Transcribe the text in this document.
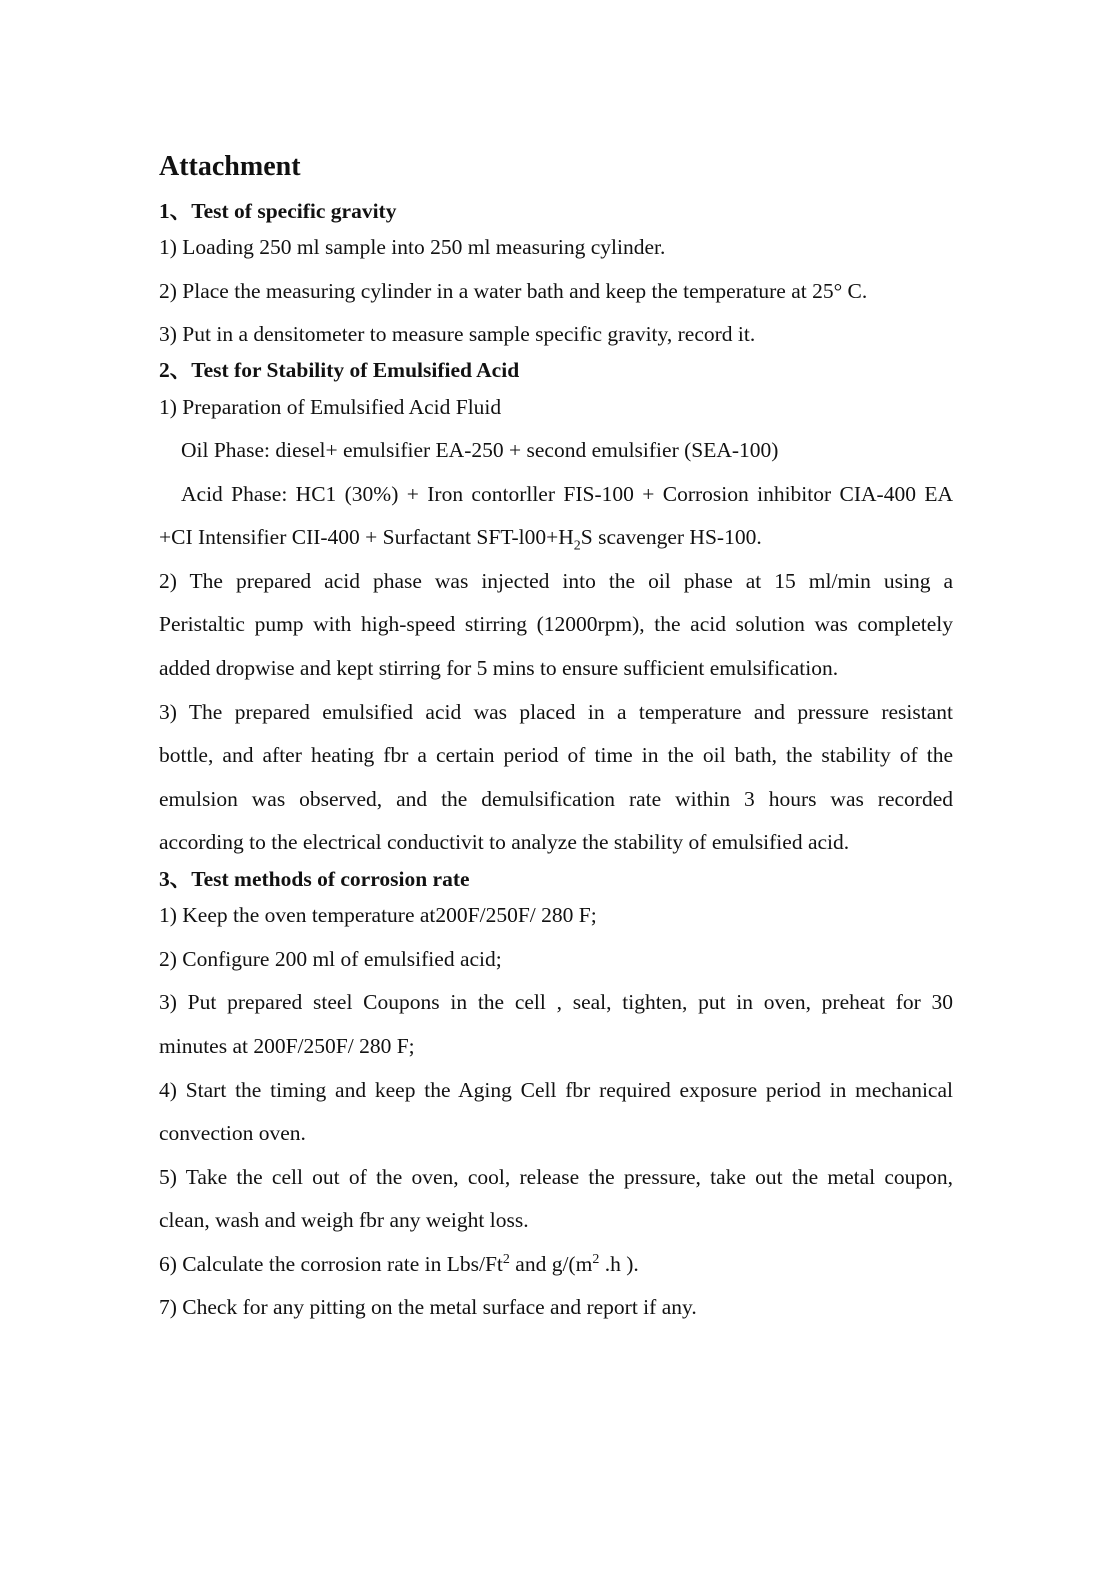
Attachment
1、Test of specific gravity
1) Loading 250 ml sample into 250 ml measuring cylinder.
2) Place the measuring cylinder in a water bath and keep the temperature at 25° C.
3) Put in a densitometer to measure sample specific gravity, record it.
2、Test for Stability of Emulsified Acid
1) Preparation of Emulsified Acid Fluid
Oil Phase: diesel+ emulsifier EA-250 + second emulsifier (SEA-100)
Acid Phase: HC1 (30%) + Iron contorller FIS-100 + Corrosion inhibitor CIA-400 EA
+CI Intensifier CII-400 + Surfactant SFT-$l00+H_2S$ scavenger HS-100.
2) The prepared acid phase was injected into the oil phase at 15 ml/min using a
Peristaltic pump with high-speed stirring (12000rpm), the acid solution was completely
added dropwise and kept stirring for 5 mins to ensure sufficient emulsification.
3) The prepared emulsified acid was placed in a temperature and pressure resistant
bottle, and after heating fbr a certain period of time in the oil bath, the stability of the
emulsion was observed, and the demulsification rate within 3 hours was recorded
according to the electrical conductivit to analyze the stability of emulsified acid.
3、Test methods of corrosion rate
1) Keep the oven temperature at200F/250F/ 280 F;
2) Configure 200 ml of emulsified acid;
3) Put prepared steel Coupons in the cell , seal, tighten, put in oven, preheat for 30
minutes at 200F/250F/ 280 F;
4) Start the timing and keep the Aging Cell fbr required exposure period in mechanical
convection oven.
5) Take the cell out of the oven, cool, release the pressure, take out the metal coupon,
clean, wash and weigh fbr any weight loss.
6) Calculate the corrosion rate in Lbs/Ft$^2$ and $g/(m^2$ .h ).
7) Check for any pitting on the metal surface and report if any.
